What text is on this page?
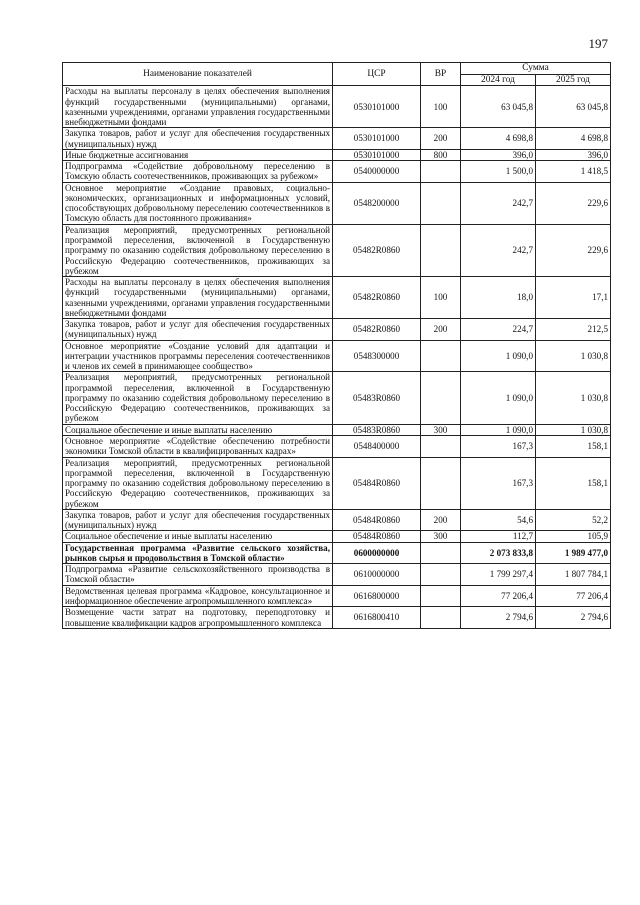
197
Наименование показателей	ЦСР	ВР	Сумма	
			2024 год	2025 год
Расходы на выплаты персоналу в целях обеспечения выполнения функций государственными (муниципальными) органами, казенными учреждениями, органами управления государственными внебюджетными фондами	0530101000	100	63 045,8	63 045,8
Закупка товаров, работ и услуг для обеспечения государственных (муниципальных) нужд	0530101000	200	4 698,8	4 698,8
Иные бюджетные ассигнования	0530101000	800	396,0	396,0
Подпрограмма «Содействие добровольному переселению в Томскую область соотечественников, проживающих за рубежом»	0540000000		1 500,0	1 418,5
Основное мероприятие «Создание правовых, социально-экономических, организационных и информационных условий, способствующих добровольному переселению соотечественников в Томскую область для постоянного проживания»	0548200000		242,7	229,6
Реализация мероприятий, предусмотренных региональной программой переселения, включенной в Государственную программу по оказанию содействия добровольному переселению в Российскую Федерацию соотечественников, проживающих за рубежом	05482R0860		242,7	229,6
Расходы на выплаты персоналу в целях обеспечения выполнения функций государственными (муниципальными) органами, казенными учреждениями, органами управления государственными внебюджетными фондами	05482R0860	100	18,0	17,1
Закупка товаров, работ и услуг для обеспечения государственных (муниципальных) нужд	05482R0860	200	224,7	212,5
Основное мероприятие «Создание условий для адаптации и интеграции участников программы переселения соотечественников и членов их семей в принимающее сообщество»	0548300000		1 090,0	1 030,8
Реализация мероприятий, предусмотренных региональной программой переселения, включенной в Государственную программу по оказанию содействия добровольному переселению в Российскую Федерацию соотечественников, проживающих за рубежом	05483R0860		1 090,0	1 030,8
Социальное обеспечение и иные выплаты населению	05483R0860	300	1 090,0	1 030,8
Основное мероприятие «Содействие обеспечению потребности экономики Томской области в квалифицированных кадрах»	0548400000		167,3	158,1
Реализация мероприятий, предусмотренных региональной программой переселения, включенной в Государственную программу по оказанию содействия добровольному переселению в Российскую Федерацию соотечественников, проживающих за рубежом	05484R0860		167,3	158,1
Закупка товаров, работ и услуг для обеспечения государственных (муниципальных) нужд	05484R0860	200	54,6	52,2
Социальное обеспечение и иные выплаты населению	05484R0860	300	112,7	105,9
Государственная программа «Развитие сельского хозяйства, рынков сырья и продовольствия в Томской области»	0600000000		2 073 833,8	1 989 477,0
Подпрограмма «Развитие сельскохозяйственного производства в Томской области»	0610000000		1 799 297,4	1 807 784,1
Ведомственная целевая программа «Кадровое, консультационное и информационное обеспечение агропромышленного комплекса»	0616800000		77 206,4	77 206,4
Возмещение части затрат на подготовку, переподготовку и повышение квалификации кадров агропромышленного комплекса	0616800410		2 794,6	2 794,6
